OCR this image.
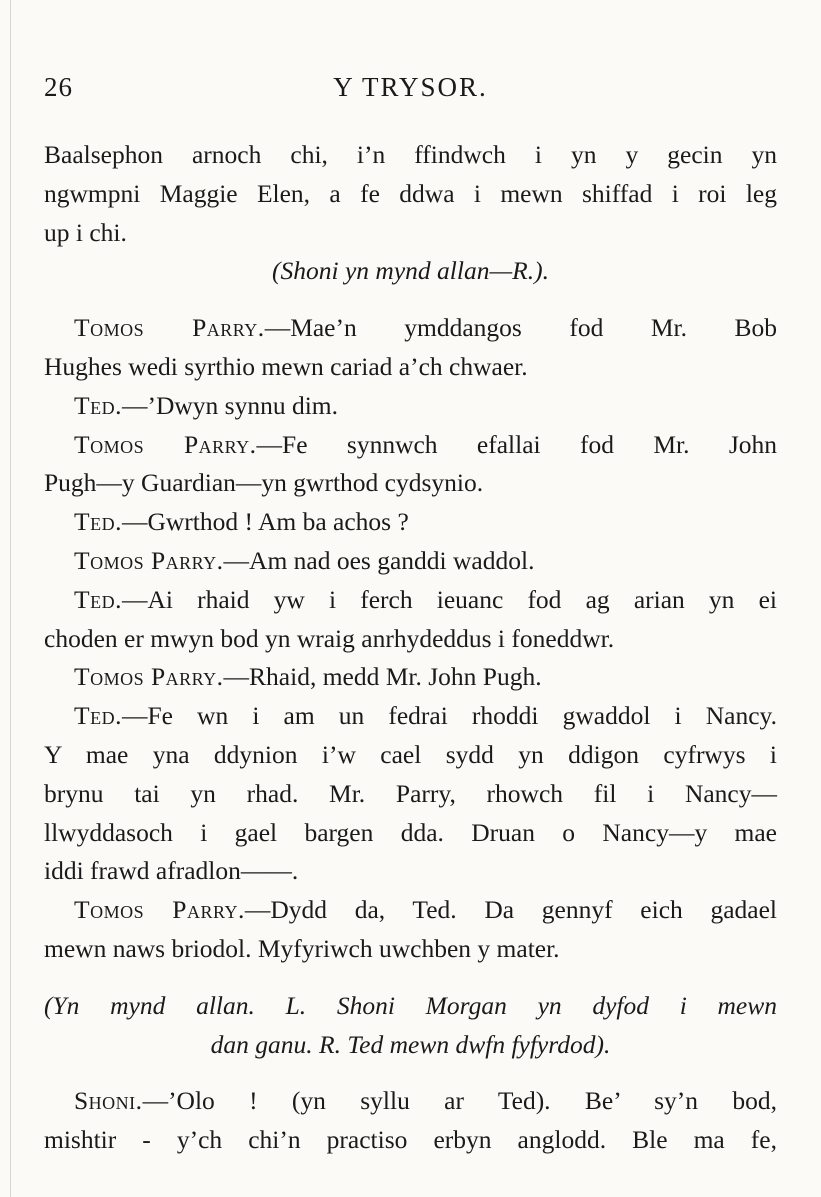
26	Y TRYSOR.
Baalsephon arnoch chi, i’n ffindwch i yn y gecin yn
ngwmpni Maggie Elen, a fe ddwa i mewn shiffad i roi leg
up i chi.
(Shoni yn mynd allan—R.).
Tomos Parry.—Mae’n ymddangos fod Mr. Bob
Hughes wedi syrthio mewn cariad a’ch chwaer.
Ted.—’Dwyn synnu dim.
Tomos Parry.—Fe synnwch efallai fod Mr. John
Pugh—y Guardian—yn gwrthod cydsynio.
Ted.—Gwrthod ! Am ba achos ?
Tomos Parry.—Am nad oes ganddi waddol.
Ted.—Ai rhaid yw i ferch ieuanc fod ag arian yn ei
choden er mwyn bod yn wraig anrhydeddus i foneddwr.
Tomos Parry.—Rhaid, medd Mr. John Pugh.
Ted.—Fe wn i am un fedrai rhoddi gwaddol i Nancy.
Y mae yna ddynion i’w cael sydd yn ddigon cyfrwys i
brynu tai yn rhad. Mr. Parry, rhowch fil i Nancy—
llwyddasoch i gael bargen dda. Druan o Nancy—y mae
iddi frawd afradlon——.
Tomos Parry.—Dydd da, Ted. Da gennyf eich gadael
mewn naws briodol. Myfyriwch uwchben y mater.
(Yn mynd allan. L. Shoni Morgan yn dyfod i mewn
dan ganu. R. Ted mewn dwfn fyfyrdod).
Shoni.—’Olo ! (yn syllu ar Ted). Be’ sy’n bod,
mishtir - y’ch chi’n practiso erbyn anglodd. Ble ma fe,
